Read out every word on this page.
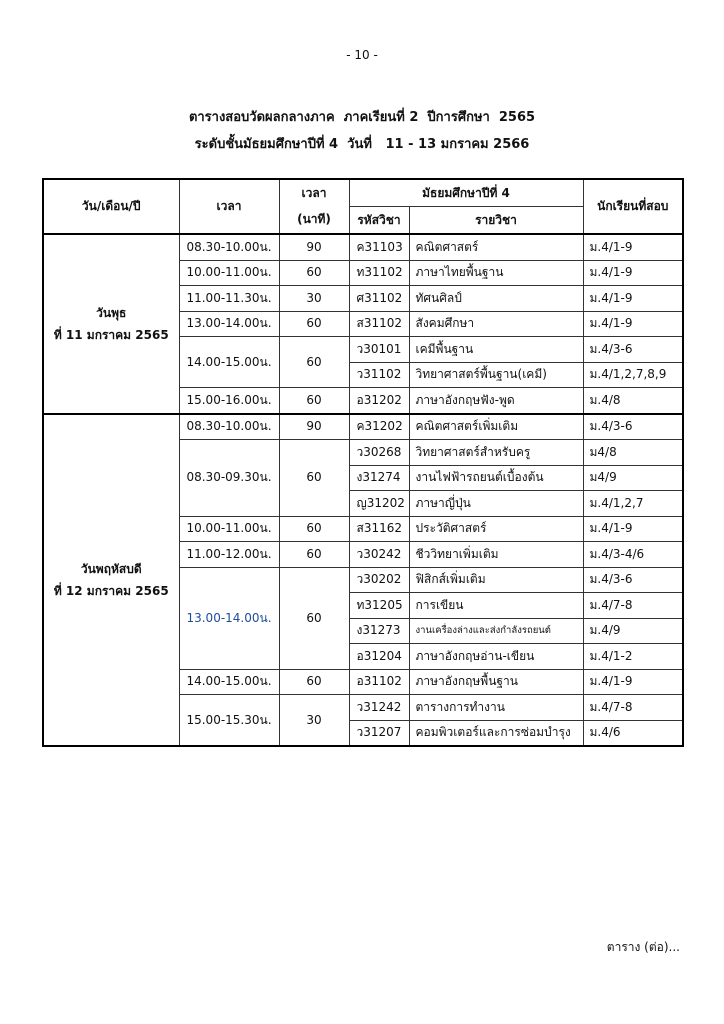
- 10 -
ตารางสอบวัดผลกลางภาค  ภาคเรียนที่ 2  ปีการศึกษา  2565
ระดับชั้นมัธยมศึกษาปีที่ 4  วันที่   11 - 13 มกราคม 2566
วัน/เดือน/ปี	เวลา	เวลา	มัธยมศึกษาปีที่ 4		นักเรียนที่สอบ
		(นาที)	รหัสวิชา	รายวิชา	

วันพุธ
ที่ 11 มกราคม 2565	08.30-10.00น.	90	ค31103	คณิตศาสตร์	ม.4/1-9
	10.00-11.00น.	60	ท31102	ภาษาไทยพื้นฐาน	ม.4/1-9
	11.00-11.30น.	30	ศ31102	ทัศนศิลป์	ม.4/1-9
	13.00-14.00น.	60	ส31102	สังคมศึกษา	ม.4/1-9
	14.00-15.00น.	60	ว30101	เคมีพื้นฐาน	ม.4/3-6
			ว31102	วิทยาศาสตร์พื้นฐาน(เคมี)	ม.4/1,2,7,8,9
	15.00-16.00น.	60	อ31202	ภาษาอังกฤษฟัง-พูด	ม.4/8

วันพฤหัสบดี
ที่ 12 มกราคม 2565	08.30-10.00น.	90	ค31202	คณิตศาสตร์เพิ่มเติม	ม.4/3-6
	08.30-09.30น.	60	ว30268	วิทยาศาสตร์สำหรับครู	ม4/8
			ง31274	งานไฟฟ้ารถยนต์เบื้องต้น	ม4/9
			ญ31202	ภาษาญี่ปุ่น	ม.4/1,2,7
	10.00-11.00น.	60	ส31162	ประวัติศาสตร์	ม.4/1-9
	11.00-12.00น.	60	ว30242	ชีววิทยาเพิ่มเติม	ม.4/3-4/6
	13.00-14.00น.	60	ว30202	ฟิสิกส์เพิ่มเติม	ม.4/3-6
			ท31205	การเขียน	ม.4/7-8
			ง31273	งานเครื่องล่างและส่งกำลังรถยนต์	ม.4/9
			อ31204	ภาษาอังกฤษอ่าน-เขียน	ม.4/1-2
	14.00-15.00น.	60	อ31102	ภาษาอังกฤษพื้นฐาน	ม.4/1-9
	15.00-15.30น.	30	ว31242	ตารางการทำงาน	ม.4/7-8
			ว31207	คอมพิวเตอร์และการซ่อมบำรุง	ม.4/6
ตาราง (ต่อ)...
